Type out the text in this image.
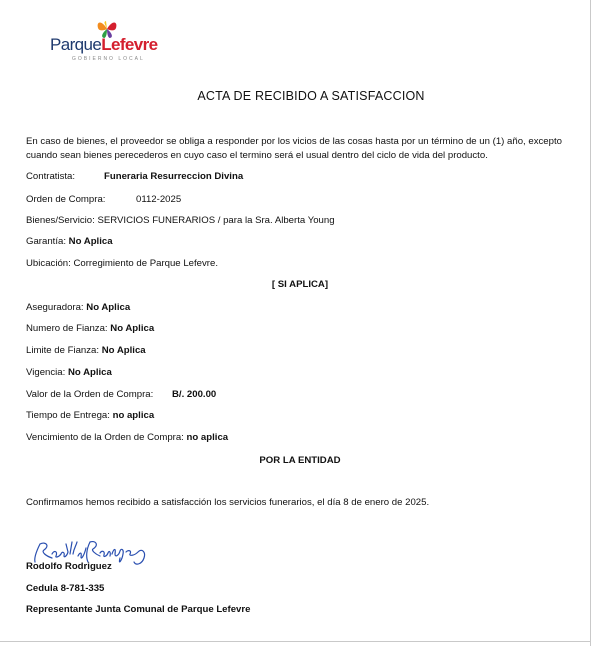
ParqueLefevre
GOBIERNO LOCAL
ACTA DE RECIBIDO A SATISFACCION
En caso de bienes, el proveedor se obliga a responder por los vicios de las cosas hasta por un término de un (1) año, excepto cuando sean bienes perecederos en cuyo caso el termino será el usual dentro del ciclo de vida del producto.
Contratista:	Funeraria Resurreccion Divina
Orden de Compra:	0112-2025
Bienes/Servicio: SERVICIOS FUNERARIOS / para la Sra. Alberta Young
Garantía: No Aplica
Ubicación: Corregimiento de Parque Lefevre.
[ SI APLICA]
Aseguradora: No Aplica
Numero de Fianza: No Aplica
Limite de Fianza: No Aplica
Vigencia: No Aplica
Valor de la Orden de Compra: B/. 200.00
Tiempo de Entrega: no aplica
Vencimiento de la Orden de Compra: no aplica
POR LA ENTIDAD
Confirmamos hemos recibido a satisfacción los servicios funerarios, el día 8 de enero de 2025.
Rodolfo Rodriguez
Cedula 8-781-335
Representante Junta Comunal de Parque Lefevre
